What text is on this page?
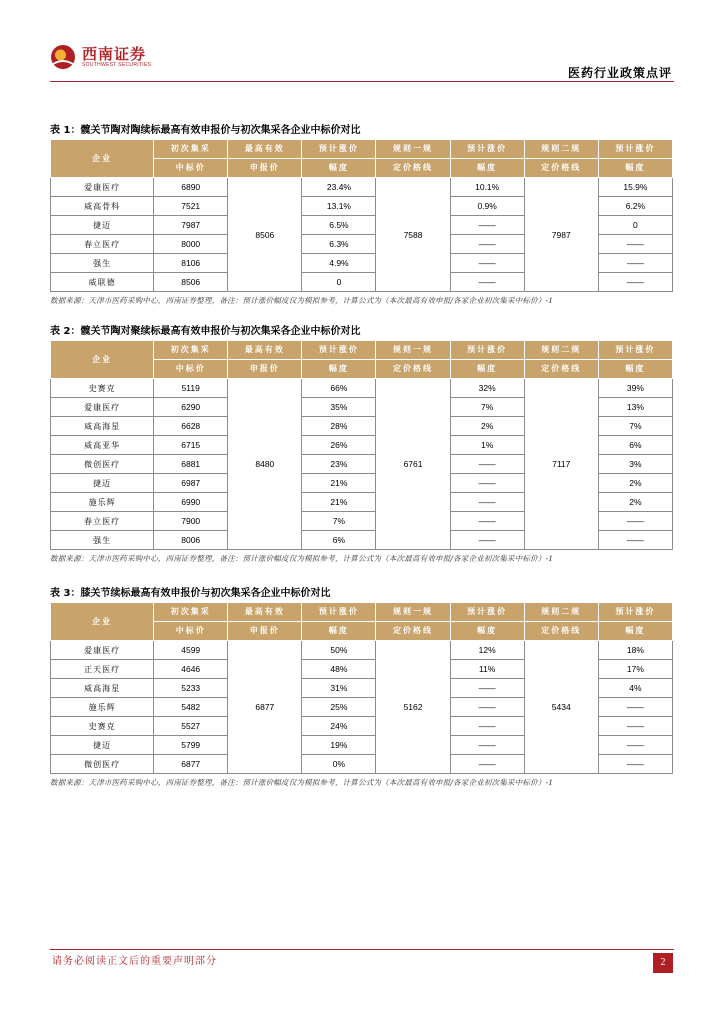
西南证券
SOUTHWEST SECURITIES
医药行业政策点评
表 1：髋关节陶对陶续标最高有效申报价与初次集采各企业中标价对比
企业	初次集采	最高有效	预计涨价	规则一规	预计涨价	规则二规	预计涨价
	中标价	申报价	幅度	定价格线	幅度	定价格线	幅度
爱康医疗	6890	8506	23.4%	7588	10.1%	7987	15.9%
威高骨科	7521		13.1%		0.9%		6.2%
捷迈	7987		6.5%		——		0
春立医疗	8000		6.3%		——		——
强生	8106		4.9%		——		——
威联德	8506		0		——		——
数据来源：天津市医药采购中心，西南证券整理，备注：预计涨价幅度仅为模拟参考，计算公式为（本次最高有效申报/各家企业初次集采中标价）-1
表 2：髋关节陶对聚续标最高有效申报价与初次集采各企业中标价对比
企业	初次集采	最高有效	预计涨价	规则一规	预计涨价	规则二规	预计涨价
	中标价	申报价	幅度	定价格线	幅度	定价格线	幅度
史赛克	5119	8480	66%	6761	32%	7117	39%
爱康医疗	6290		35%		7%		13%
威高海星	6628		28%		2%		7%
威高亚华	6715		26%		1%		6%
微创医疗	6881		23%		——		3%
捷迈	6987		21%		——		2%
施乐辉	6990		21%		——		2%
春立医疗	7900		7%		——		——
强生	8006		6%		——		——
数据来源：天津市医药采购中心，西南证券整理，备注：预计涨价幅度仅为模拟参考，计算公式为（本次最高有效申报/各家企业初次集采中标价）-1
表 3：膝关节续标最高有效申报价与初次集采各企业中标价对比
企业	初次集采	最高有效	预计涨价	规则一规	预计涨价	规则二规	预计涨价
	中标价	申报价	幅度	定价格线	幅度	定价格线	幅度
爱康医疗	4599	6877	50%	5162	12%	5434	18%
正天医疗	4646		48%		11%		17%
威高海星	5233		31%		——		4%
施乐辉	5482		25%		——		——
史赛克	5527		24%		——		——
捷迈	5799		19%		——		——
微创医疗	6877		0%		——		——
数据来源：天津市医药采购中心，西南证券整理，备注：预计涨价幅度仅为模拟参考，计算公式为（本次最高有效申报/各家企业初次集采中标价）-1
请务必阅读正文后的重要声明部分	2
